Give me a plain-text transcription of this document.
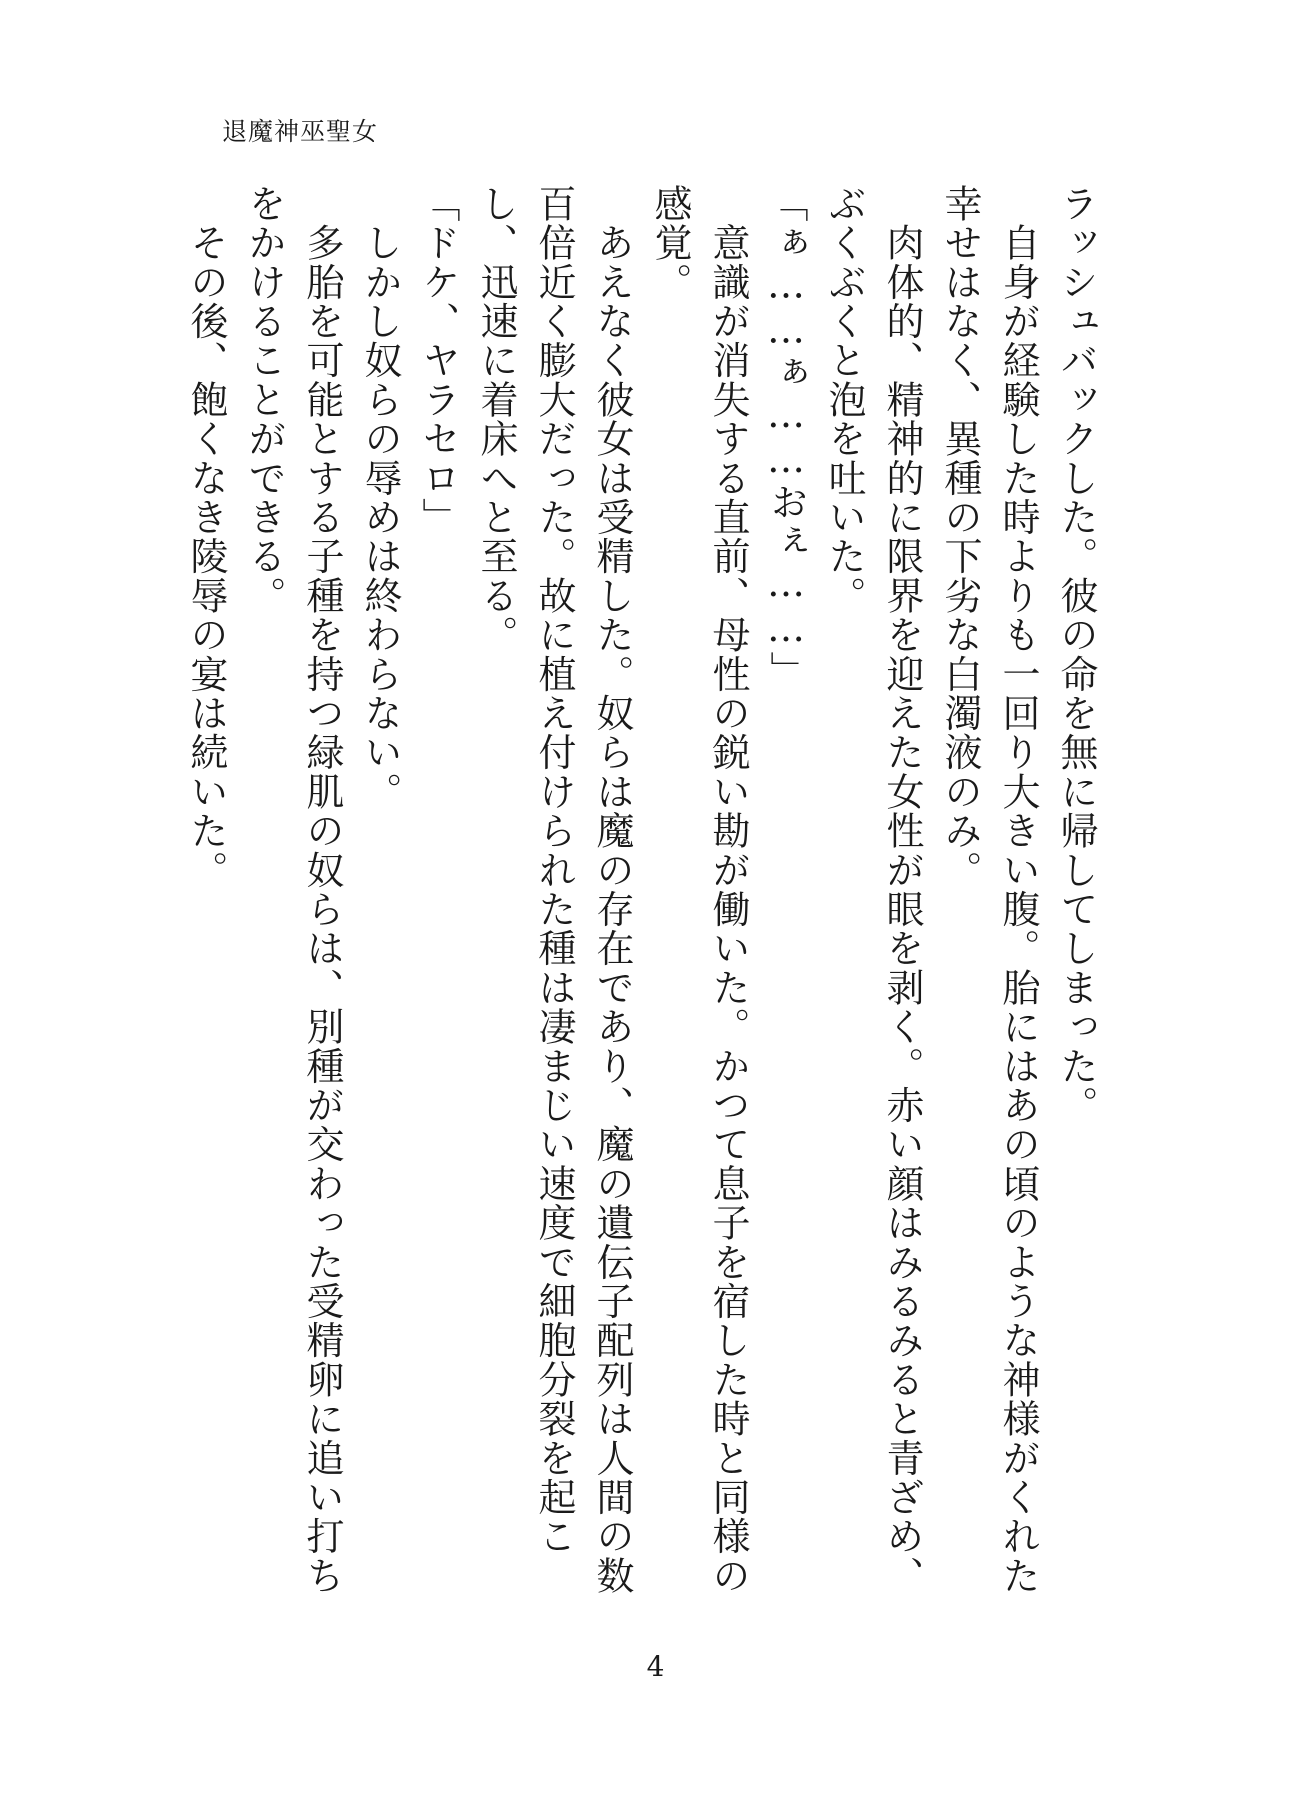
退魔神巫聖女

ラッシュバックした。彼の命を無に帰してしまった。

　自身が経験した時よりも一回り大きい腹。胎にはあの頃のような神様がくれた幸せはなく、異種の下劣な白濁液のみ。

　肉体的、精神的に限界を迎えた女性が眼を剥く。赤い顔はみるみると青ざめ、ぶくぶくと泡を吐いた。

「ぁ……ぁ……おぇ……」

　意識が消失する直前、母性の鋭い勘が働いた。かつて息子を宿した時と同様の感覚。

　あえなく彼女は受精した。奴らは魔の存在であり、魔の遺伝子配列は人間の数百倍近く膨大だった。故に植え付けられた種は凄まじい速度で細胞分裂を起こし、迅速に着床へと至る。

「ドケ、ヤラセロ」

　しかし奴らの辱めは終わらない。

　多胎を可能とする子種を持つ緑肌の奴らは、別種が交わった受精卵に追い打ちをかけることができる。

　その後、飽くなき陵辱の宴は続いた。

4
